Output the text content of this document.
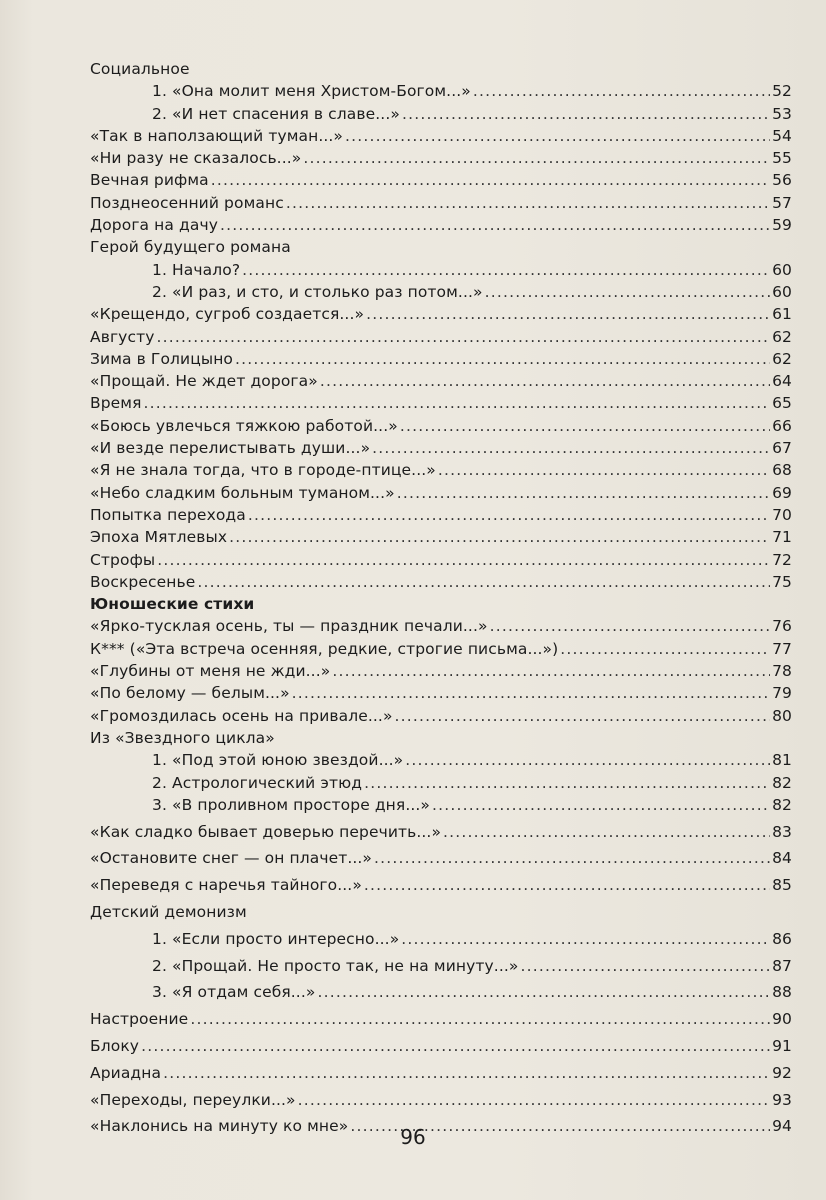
Социальное
1. «Она молит меня Христом-Богом...» .....	52
2. «И нет спасения в славе...» .....	53
«Так в наползающий туман...» .....	54
«Ни разу не сказалось...» .....	55
Вечная рифма .....	56
Позднеосенний романс .....	57
Дорога на дачу .....	59
Герой будущего романа
1. Начало? .....	60
2. «И раз, и сто, и столько раз потом...» .....	60
«Крещендо, сугроб создается...» .....	61
Августу .....	62
Зима в Голицыно .....	62
«Прощай. Не ждет дорога» .....	64
Время .....	65
«Боюсь увлечься тяжкою работой...» .....	66
«И везде перелистывать души...» .....	67
«Я не знала тогда, что в городе-птице...» .....	68
«Небо сладким больным туманом...» .....	69
Попытка перехода .....	70
Эпоха Мятлевых .....	71
Строфы .....	72
Воскресенье .....	75
Юношеские стихи
«Ярко-тусклая осень, ты — праздник печали...» .....	76
К*** («Эта встреча осенняя, редкие, строгие письма...») .....	77
«Глубины от меня не жди...» .....	78
«По белому — белым...» .....	79
«Громоздилась осень на привале...» .....	80
Из «Звездного цикла»
1. «Под этой юною звездой...» .....	81
2. Астрологический этюд .....	82
3. «В проливном просторе дня...» .....	82
«Как сладко бывает доверью перечить...» .....	83
«Остановите снег — он плачет...» .....	84
«Переведя с наречья тайного...» .....	85
Детский демонизм
1. «Если просто интересно...» .....	86
2. «Прощай. Не просто так, не на минуту...» .....	87
3. «Я отдам себя...» .....	88
Настроение .....	90
Блоку .....	91
Ариадна .....	92
«Переходы, переулки...» .....	93
«Наклонись на минуту ко мне» .....	94
96
